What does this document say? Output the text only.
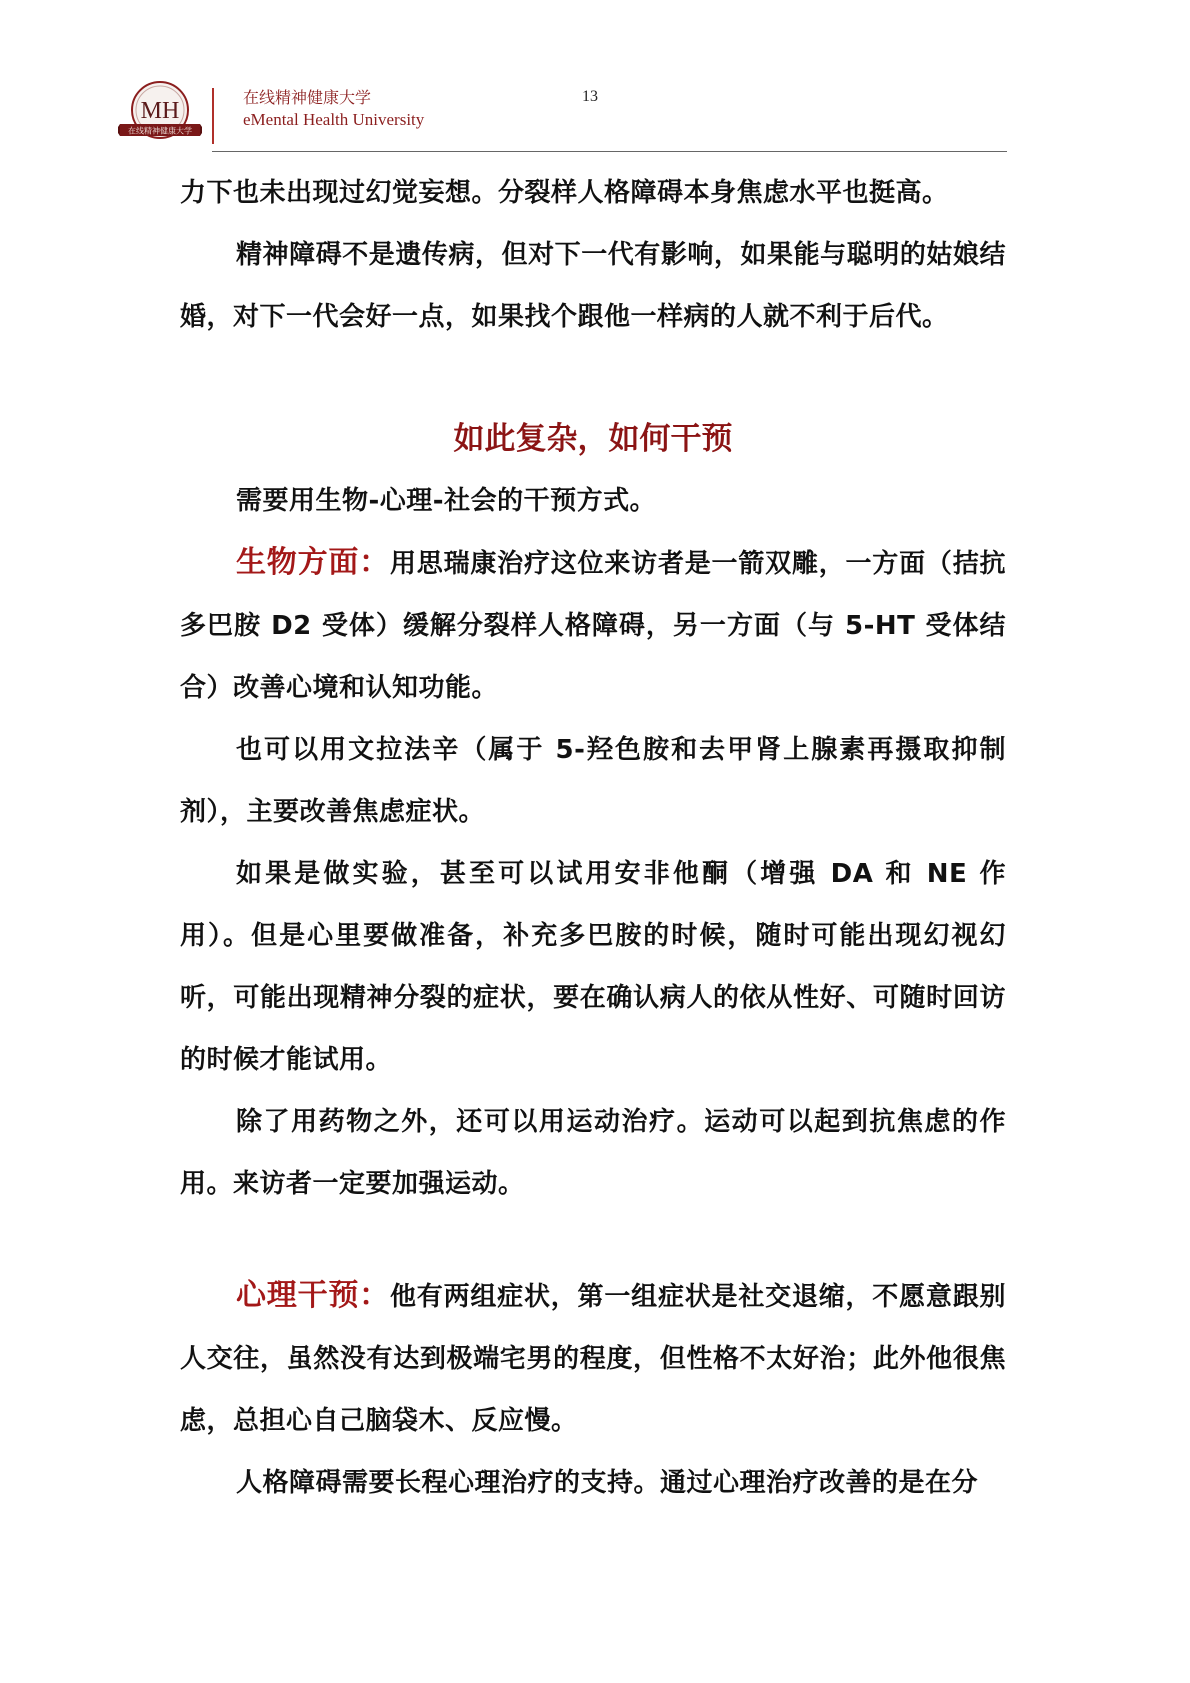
MH
在线精神健康大学
在线精神健康大学
eMental Health University
13

力下也未出现过幻觉妄想。分裂样人格障碍本身焦虑水平也挺高。

精神障碍不是遗传病，但对下一代有影响，如果能与聪明的姑娘结婚，对下一代会好一点，如果找个跟他一样病的人就不利于后代。

如此复杂，如何干预

需要用生物-心理-社会的干预方式。

生物方面：用思瑞康治疗这位来访者是一箭双雕，一方面（拮抗多巴胺 D2 受体）缓解分裂样人格障碍，另一方面（与 5-HT 受体结合）改善心境和认知功能。

也可以用文拉法辛（属于 5-羟色胺和去甲肾上腺素再摄取抑制剂），主要改善焦虑症状。

如果是做实验，甚至可以试用安非他酮（增强 DA 和 NE 作用）。但是心里要做准备，补充多巴胺的时候，随时可能出现幻视幻听，可能出现精神分裂的症状，要在确认病人的依从性好、可随时回访的时候才能试用。

除了用药物之外，还可以用运动治疗。运动可以起到抗焦虑的作用。来访者一定要加强运动。

心理干预：他有两组症状，第一组症状是社交退缩，不愿意跟别人交往，虽然没有达到极端宅男的程度，但性格不太好治；此外他很焦虑，总担心自己脑袋木、反应慢。

人格障碍需要长程心理治疗的支持。通过心理治疗改善的是在分
